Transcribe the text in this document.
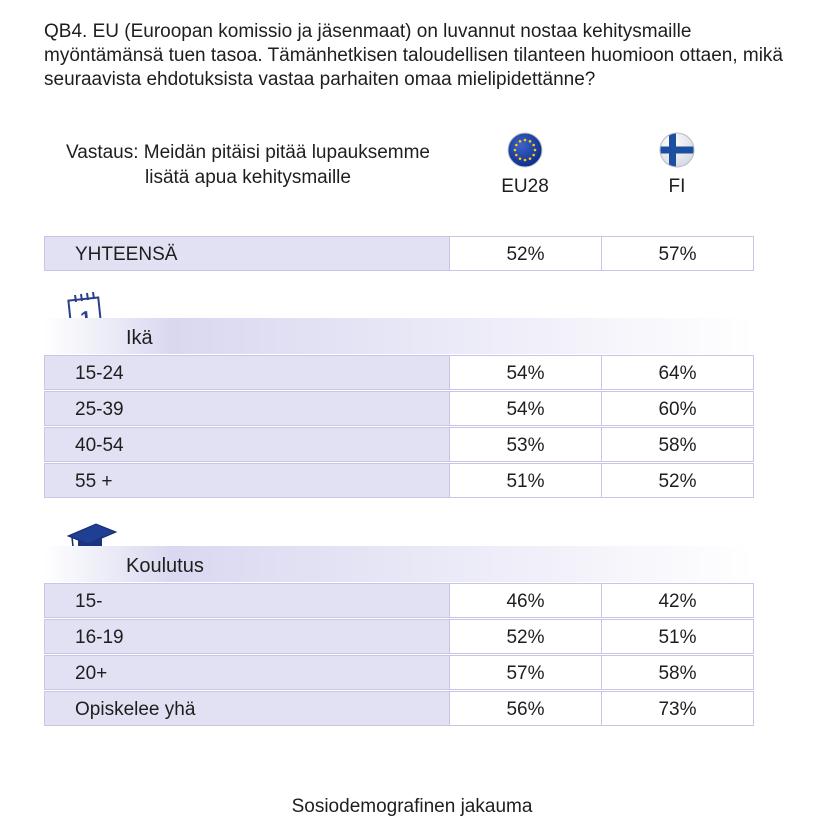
QB4. EU (Euroopan komissio ja jäsenmaat) on luvannut nostaa kehitysmaille myöntämänsä tuen tasoa. Tämänhetkisen taloudellisen tilanteen huomioon ottaen, mikä seuraavista ehdotuksista vastaa parhaiten omaa mielipidettänne?
Vastaus: Meidän pitäisi pitää lupauksemme lisätä apua kehitysmaille	EU28	FI
YHTEENSÄ	52%	57%
Ikä
15-24	54%	64%
25-39	54%	60%
40-54	53%	58%
55 +	51%	52%
Koulutus
15-	46%	42%
16-19	52%	51%
20+	57%	58%
Opiskelee yhä	56%	73%
Sosiodemografinen jakauma
